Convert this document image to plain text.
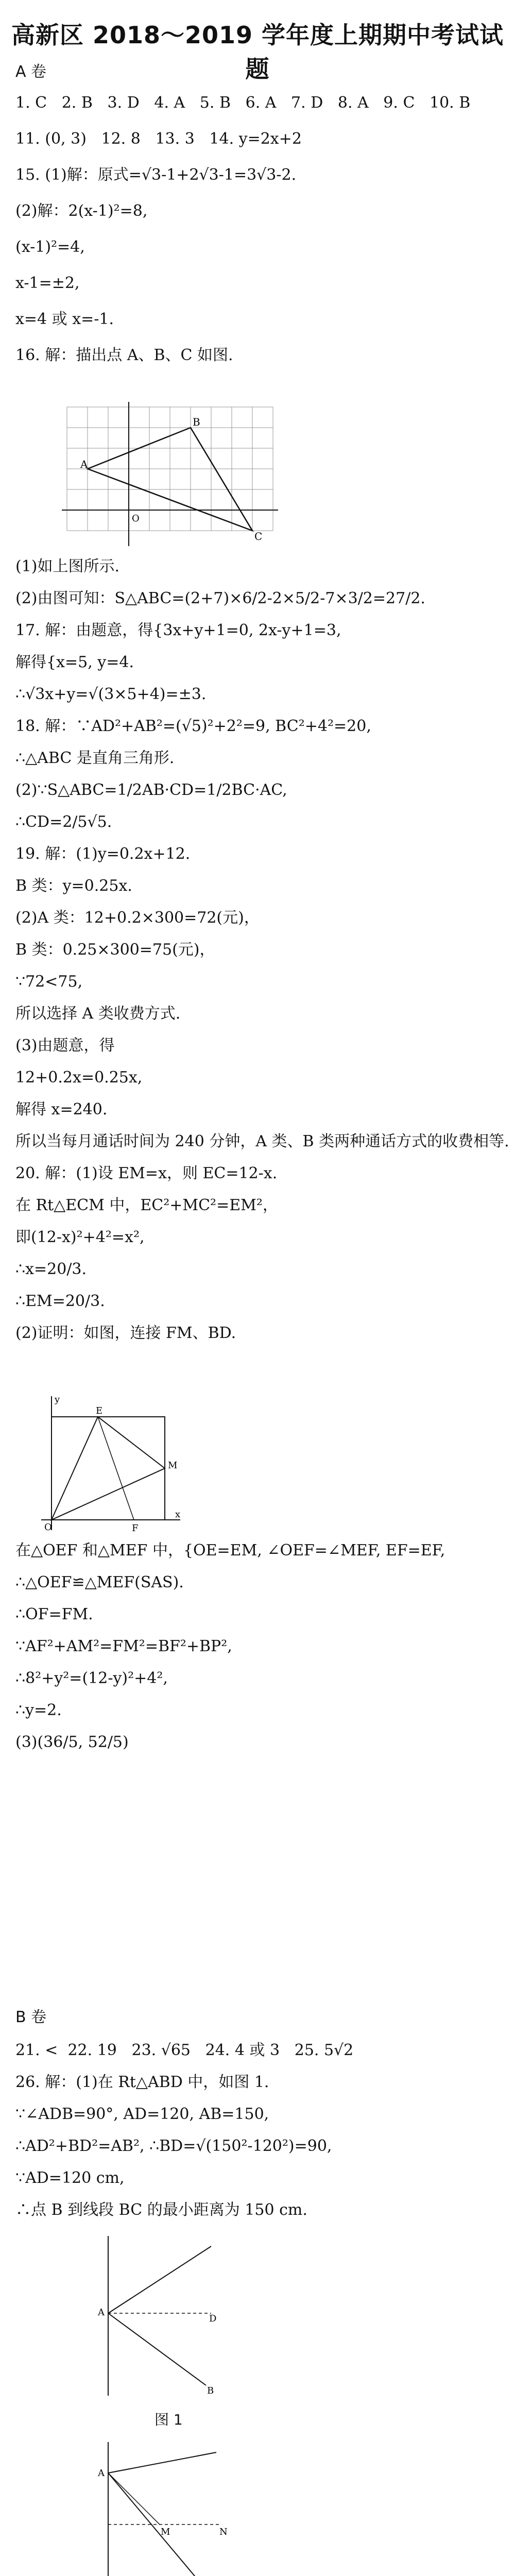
高新区 2018～2019 学年度上期期中考试试题
A 卷
1. C   2. B   3. D   4. A   5. B   6. A   7. D   8. A   9. C   10. B
11. (0, 3)   12. 8   13. 3   14. y=2x+2
15. (1)解：原式=√3-1+2√3-1=3√3-2.
(2)解：2(x-1)²=8,
(x-1)²=4,
x-1=±2,
x=4 或 x=-1.
16. 解：描出点 A、B、C 如图.
(1)如上图所示.
(2)由图可知：S△ABC=(2+7)×6/2-2×5/2-7×3/2=27/2.
17. 解：由题意，得{3x+y+1=0, 2x-y+1=3,
解得{x=5, y=4.
∴√3x+y=√(3×5+4)=±3.
18. 解：∵AD²+AB²=(√5)²+2²=9, BC²+4²=20,
∴△ABC 是直角三角形.
(2)∵S△ABC=1/2AB·CD=1/2BC·AC,
∴CD=2/5√5.
19. 解：(1)y=0.2x+12.
B 类：y=0.25x.
(2)A 类：12+0.2×300=72(元)，
B 类：0.25×300=75(元)，
∵72<75,
所以选择 A 类收费方式.
(3)由题意，得
12+0.2x=0.25x,
解得 x=240.
所以当每月通话时间为 240 分钟，A 类、B 类两种通话方式的收费相等.
20. 解：(1)设 EM=x，则 EC=12-x.
在 Rt△ECM 中，EC²+MC²=EM²，
即(12-x)²+4²=x²,
∴x=20/3.
∴EM=20/3.
(2)证明：如图，连接 FM、BD.
在△OEF 和△MEF 中，{OE=EM, ∠OEF=∠MEF, EF=EF,
∴△OEF≌△MEF(SAS).
∴OF=FM.
∵AF²+AM²=FM²=BF²+BP²,
∴8²+y²=(12-y)²+4²,
∴y=2.
(3)(36/5, 52/5)
A
B
C
O
O
M
E
F
x
y
B 卷
21. <  22. 19   23. √65   24. 4 或 3   25. 5√2
26. 解：(1)在 Rt△ABD 中，如图 1.
∵∠ADB=90°, AD=120, AB=150,
∴AD²+BD²=AB², ∴BD=√(150²-120²)=90,
∵AD=120 cm,
∴点 B 到线段 BC 的最小距离为 150 cm.
A
D
B
图 1
A
M	N
